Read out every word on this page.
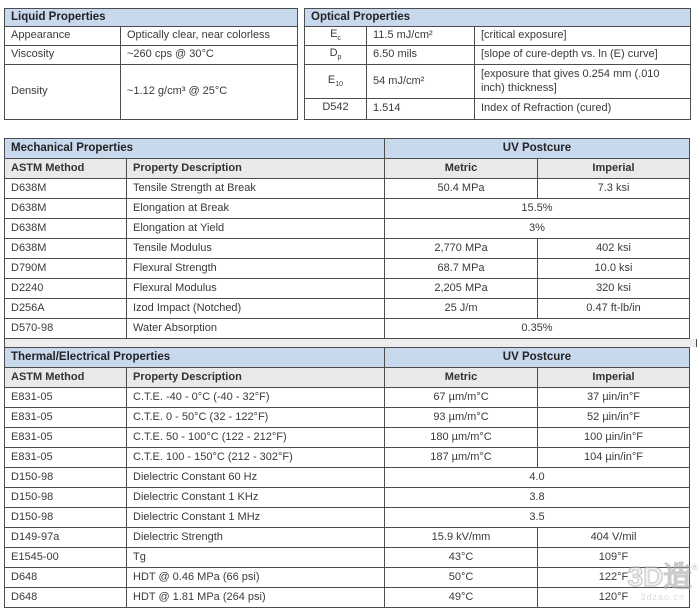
Liquid Properties	
Appearance	Optically clear, near colorless
Viscosity	~260 cps @ 30°C
Density	~1.12 g/cm³ @ 25°C
Optical Properties		
$E_c$	11.5 mJ/cm²	[critical exposure]
$D_p$	6.50 mils	[slope of cure-depth vs. ln (E) curve]
$E_{10}$	54 mJ/cm²	[exposure that gives 0.254 mm (.010 inch) thickness]
D542	1.514	Index of Refraction (cured)
Mechanical Properties		UV Postcure	
ASTM Method	Property Description	Metric	Imperial
D638M	Tensile Strength at Break	50.4 MPa	7.3 ksi
D638M	Elongation at Break	15.5%	
D638M	Elongation at Yield	3%	
D638M	Tensile Modulus	2,770 MPa	402 ksi
D790M	Flexural Strength	68.7 MPa	10.0 ksi
D2240	Flexural Modulus	2,205 MPa	320 ksi
D256A	Izod Impact (Notched)	25 J/m	0.47 ft-lb/in
D570-98	Water Absorption	0.35%	
Thermal/Electrical Properties		UV Postcure	
ASTM Method	Property Description	Metric	Imperial
E831-05	C.T.E. -40 - 0°C (-40 - 32°F)	67 µm/m°C	37 µin/in°F
E831-05	C.T.E. 0 - 50°C (32 - 122°F)	93 µm/m°C	52 µin/in°F
E831-05	C.T.E. 50 - 100°C (122 - 212°F)	180 µm/m°C	100 µin/in°F
E831-05	C.T.E. 100 - 150°C (212 - 302°F)	187 µm/m°C	104 µin/in°F
D150-98	Dielectric Constant 60 Hz	4.0	
D150-98	Dielectric Constant 1 KHz	3.8	
D150-98	Dielectric Constant 1 MHz	3.5	
D149-97a	Dielectric Strength	15.9 kV/mm	404 V/mil
E1545-00	Tg	43°C	109°F
D648	HDT @ 0.46 MPa (66 psi)	50°C	122°F
D648	HDT @ 1.81 MPa (264 psi)	49°C	120°F
3D造®
3dzao.cn
